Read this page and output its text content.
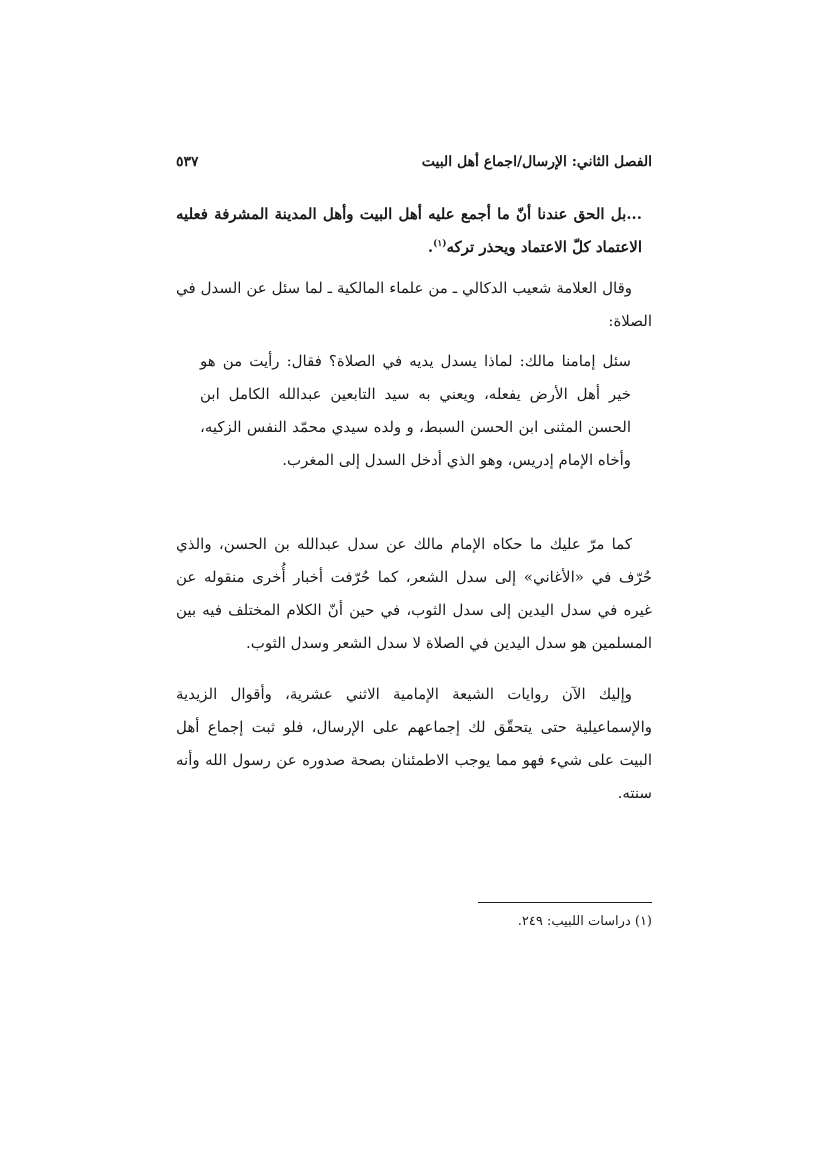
الفصل الثاني: الإرسال/اجماع أهل البيت
٥٣٧
...بل الحق عندنا أنّ ما أجمع عليه أهل البيت وأهل المدينة المشرفة فعليه الاعتماد كلّ الاعتماد ويحذر تركه$^{(١)}$.
وقال العلامة شعيب الدكالي ـ من علماء المالكية ـ لما سئل عن السدل في الصلاة:
سئل إمامنا مالك: لماذا يسدل يديه في الصلاة؟ فقال: رأيت من هو خير أهل الأرض يفعله، ويعني به سيد التابعين عبدالله الكامل ابن الحسن المثنى ابن الحسن السبط، و ولده سيدي محمّد النفس الزكيه، وأخاه الإمام إدريس، وهو الذي أدخل السدل إلى المغرب.
كما مرّ عليك ما حكاه الإمام مالك عن سدل عبدالله بن الحسن، والذي حُرّف في «الأغاني» إلى سدل الشعر، كما حُرّفت أخبار أُخرى منقوله عن غيره في سدل اليدين إلى سدل الثوب، في حين أنّ الكلام المختلف فيه بين المسلمين هو سدل اليدين في الصلاة لا سدل الشعر وسدل الثوب.
وإليك الآن روايات الشيعة الإمامية الاثني عشرية، وأقوال الزيدية والإسماعيلية حتى يتحقّق لك إجماعهم على الإرسال، فلو ثبت إجماع أهل البيت على شيء فهو مما يوجب الاطمئنان بصحة صدوره عن رسول الله وأنه سنته.
(١) دراسات اللبيب: ٢٤٩.
